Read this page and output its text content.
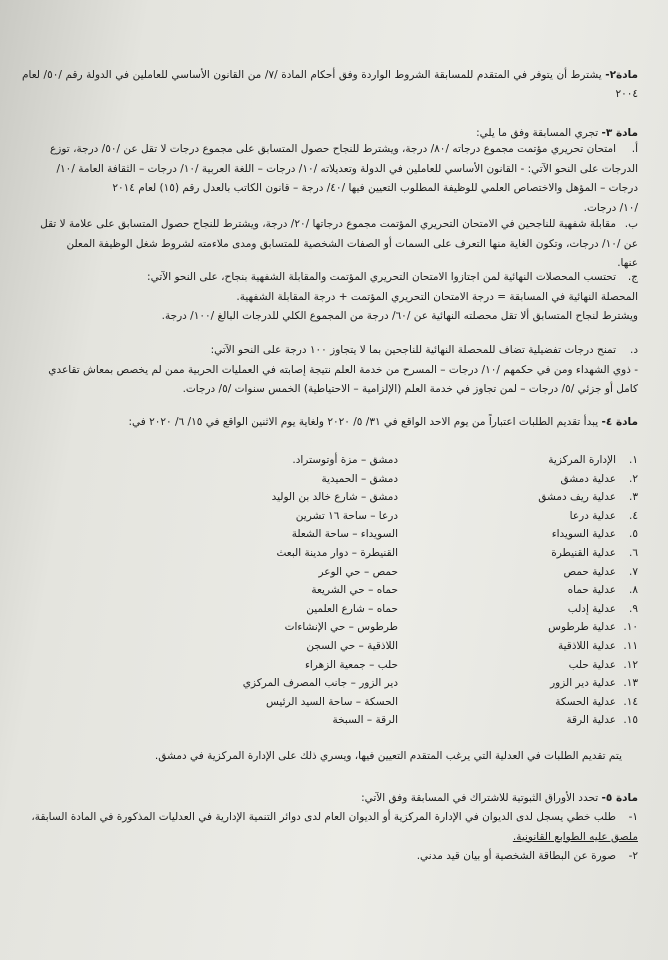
مادة٢- يشترط أن يتوفر في المتقدم للمسابقة الشروط الواردة وفق أحكام المادة /٧/ من القانون الأساسي للعاملين في الدولة رقم /٥٠/ لعام ٢٠٠٤
مادة ٣- تجري المسابقة وفق ما يلي:
أ.امتحان تحريري مؤتمت مجموع درجاته /٨٠/ درجة، ويشترط للنجاح حصول المتسابق على مجموع درجات لا تقل عن /٥٠/ درجة، توزع
الدرجات على النحو الآتي: - القانون الأساسي للعاملين في الدولة وتعديلاته /١٠/ درجات – اللغة العربية /١٠/ درجات – الثقافة العامة /١٠/
درجات – المؤهل والاختصاص العلمي للوظيفة المطلوب التعيين فيها /٤٠/ درجة – قانون الكاتب بالعدل رقم (١٥) لعام ٢٠١٤
/١٠/ درجات.
ب.مقابلة شفهية للناجحين في الامتحان التحريري المؤتمت مجموع درجاتها /٢٠/ درجة، ويشترط للنجاح حصول المتسابق على علامة لا تقل
عن /١٠/ درجات، وتكون الغاية منها التعرف على السمات أو الصفات الشخصية للمتسابق ومدى ملاءمته لشروط شغل الوظيفة المعلن
عنها.
ج.تحتسب المحصلات النهائية لمن اجتازوا الامتحان التحريري المؤتمت والمقابلة الشفهية بنجاح، على النحو الآتي:
المحصلة النهائية في المسابقة = درجة الامتحان التحريري المؤتمت + درجة المقابلة الشفهية.
ويشترط لنجاح المتسابق ألا تقل محصلته النهائية عن /٦٠/ درجة من المجموع الكلي للدرجات البالغ /١٠٠/ درجة.
د.تمنح درجات تفضيلية تضاف للمحصلة النهائية للناجحين بما لا يتجاوز ١٠٠ درجة على النحو الآتي:
- ذوي الشهداء ومن في حكمهم /١٠/ درجات – المسرح من خدمة العلم نتيجة إصابته في العمليات الحربية ممن لم يخصص بمعاش تقاعدي
كامل أو جزئي /٥/ درجات – لمن تجاوز في خدمة العلم (الإلزامية – الاحتياطية) الخمس سنوات /٥/ درجات.
مادة ٤- يبدأ تقديم الطلبات اعتباراً من يوم الاحد الواقع في ٣١/ ٥/ ٢٠٢٠ ولغاية يوم الاثنين الواقع في ١٥/ ٦/ ٢٠٢٠ في:
يتم تقديم الطلبات في العدلية التي يرغب المتقدم التعيين فيها، ويسري ذلك على الإدارة المركزية في دمشق.
مادة ٥- تحدد الأوراق الثبوتية للاشتراك في المسابقة وفق الآتي:
١-طلب خطي يسجل لدى الديوان في الإدارة المركزية أو الديوان العام لدى دوائر التنمية الإدارية في العدليات المذكورة في المادة السابقة،
ملصق عليه الطوابع القانونية.
٢-صورة عن البطاقة الشخصية أو بيان قيد مدني.
١.الإدارة المركزية
دمشق – مزة أوتوستراد.
٢.عدلية دمشق
دمشق – الحميدية
٣.عدلية ريف دمشق
دمشق – شارع خالد بن الوليد
٤.عدلية درعا
درعا – ساحة ١٦ تشرين
٥.عدلية السويداء
السويداء – ساحة الشعلة
٦.عدلية القنيطرة
القنيطرة – دوار مدينة البعث
٧.عدلية حمص
حمص – حي الوعر
٨.عدلية حماه
حماه – حي الشريعة
٩.عدلية إدلب
حماه – شارع العلمين
١٠.عدلية طرطوس
طرطوس – حي الإنشاءات
١١.عدلية اللاذقية
اللاذقية – حي السجن
١٢.عدلية حلب
حلب – جمعية الزهراء
١٣.عدلية دير الزور
دير الزور – جانب المصرف المركزي
١٤.عدلية الحسكة
الحسكة – ساحة السيد الرئيس
١٥.عدلية الرقة
الرقة – السبخة
